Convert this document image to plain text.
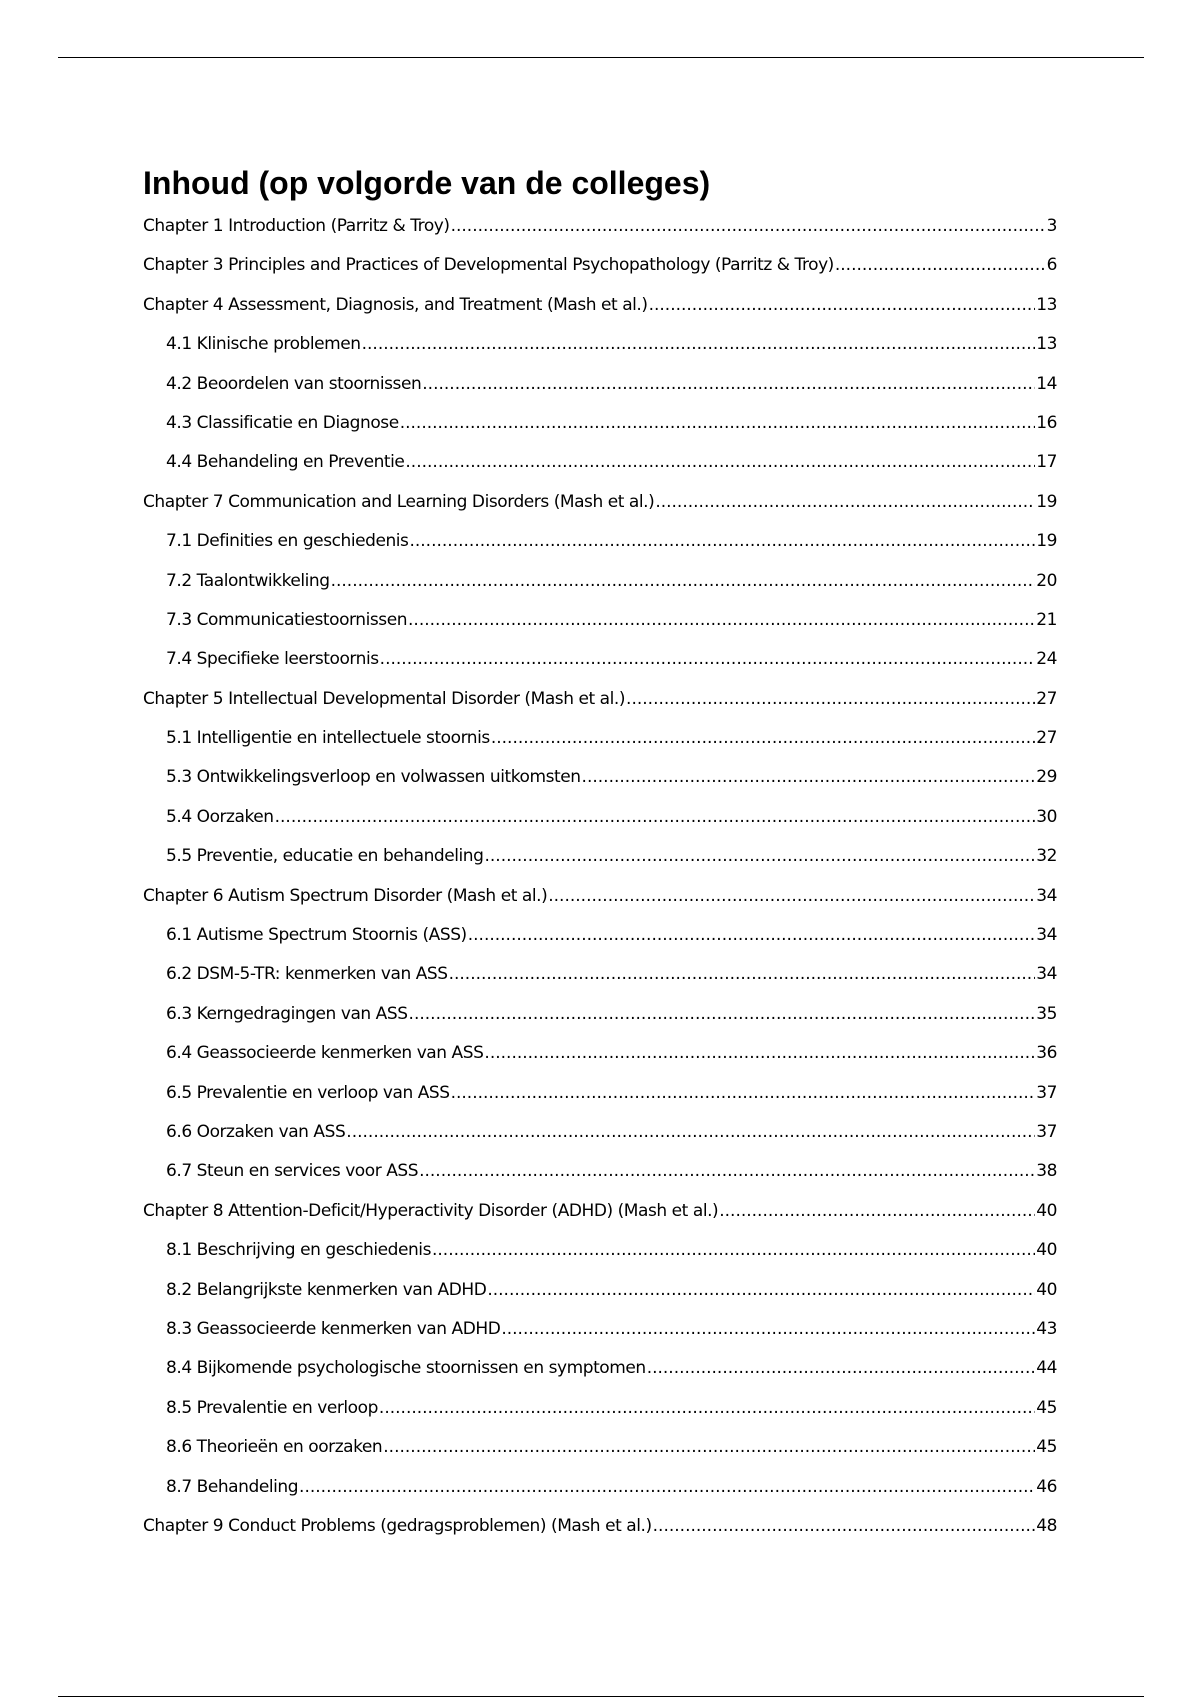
Inhoud (op volgorde van de colleges)
Chapter 1 Introduction (Parritz & Troy) .....	3
Chapter 3 Principles and Practices of Developmental Psychopathology (Parritz & Troy) .....	6
Chapter 4 Assessment, Diagnosis, and Treatment (Mash et al.) .....	13
4.1 Klinische problemen .....	13
4.2 Beoordelen van stoornissen .....	14
4.3 Classificatie en Diagnose .....	16
4.4 Behandeling en Preventie .....	17
Chapter 7 Communication and Learning Disorders (Mash et al.) .....	19
7.1 Definities en geschiedenis .....	19
7.2 Taalontwikkeling .....	20
7.3 Communicatiestoornissen .....	21
7.4 Specifieke leerstoornis .....	24
Chapter 5 Intellectual Developmental Disorder (Mash et al.) .....	27
5.1 Intelligentie en intellectuele stoornis .....	27
5.3 Ontwikkelingsverloop en volwassen uitkomsten .....	29
5.4 Oorzaken .....	30
5.5 Preventie, educatie en behandeling .....	32
Chapter 6 Autism Spectrum Disorder (Mash et al.) .....	34
6.1 Autisme Spectrum Stoornis (ASS) .....	34
6.2 DSM-5-TR: kenmerken van ASS .....	34
6.3 Kerngedragingen van ASS .....	35
6.4 Geassocieerde kenmerken van ASS .....	36
6.5 Prevalentie en verloop van ASS .....	37
6.6 Oorzaken van ASS .....	37
6.7 Steun en services voor ASS .....	38
Chapter 8 Attention-Deficit/Hyperactivity Disorder (ADHD) (Mash et al.) .....	40
8.1 Beschrijving en geschiedenis .....	40
8.2 Belangrijkste kenmerken van ADHD .....	40
8.3 Geassocieerde kenmerken van ADHD .....	43
8.4 Bijkomende psychologische stoornissen en symptomen .....	44
8.5 Prevalentie en verloop .....	45
8.6 Theorieën en oorzaken .....	45
8.7 Behandeling .....	46
Chapter 9 Conduct Problems (gedragsproblemen) (Mash et al.) .....	48
